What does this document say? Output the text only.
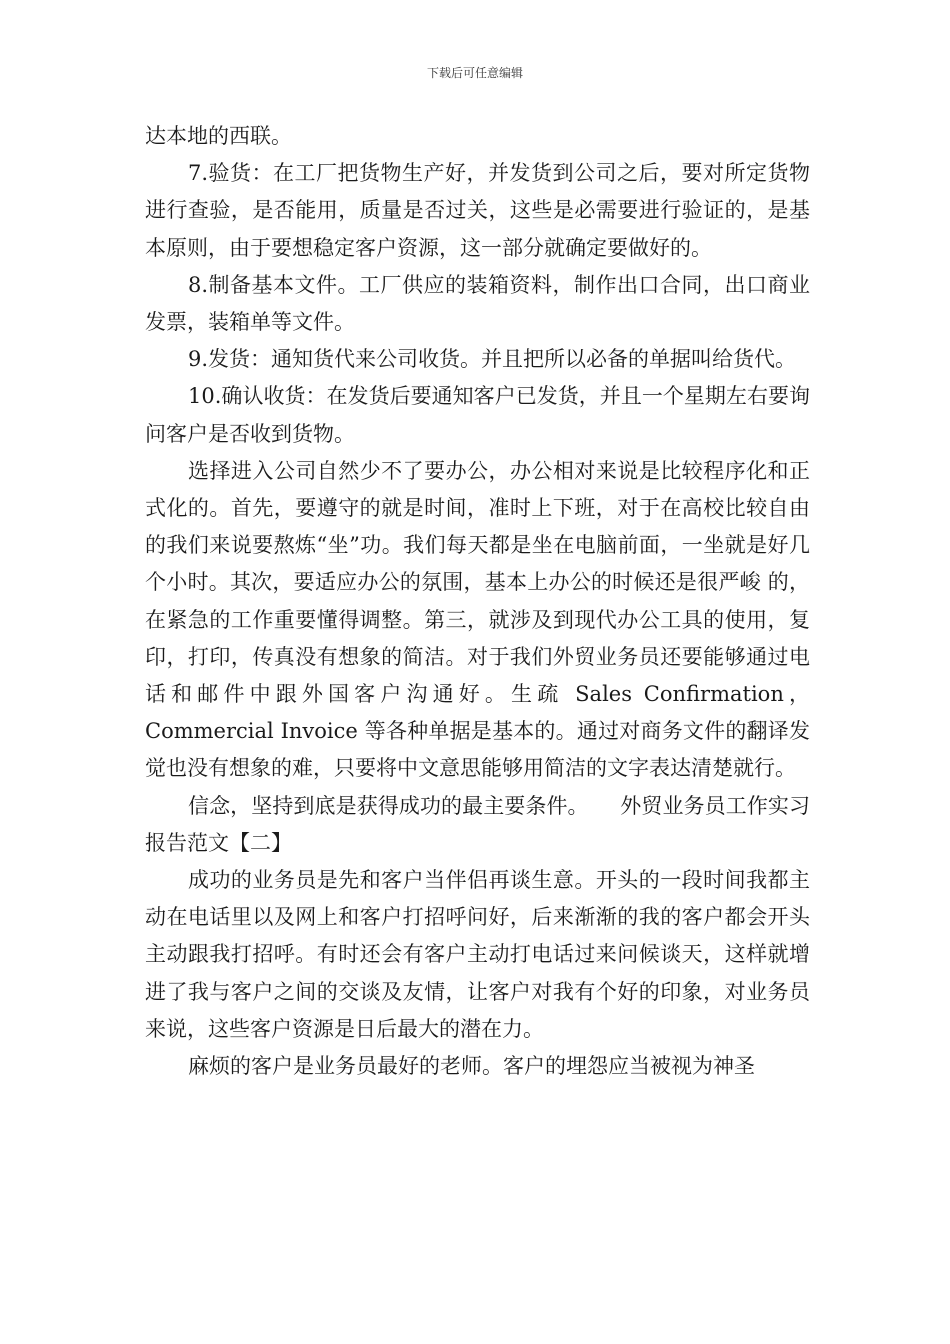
下载后可任意编辑

达本地的西联。

7.验货：在工厂把货物生产好，并发货到公司之后，要对所定货物进行查验，是否能用，质量是否过关，这些是必需要进行验证的，是基本原则，由于要想稳定客户资源，这一部分就确定要做好的。

8.制备基本文件。工厂供应的装箱资料，制作出口合同，出口商业发票，装箱单等文件。

9.发货：通知货代来公司收货。并且把所以必备的单据叫给货代。

10.确认收货：在发货后要通知客户已发货，并且一个星期左右要询问客户是否收到货物。

选择进入公司自然少不了要办公，办公相对来说是比较程序化和正式化的。首先，要遵守的就是时间，准时上下班，对于在高校比较自由的我们来说要熬炼“坐”功。我们每天都是坐在电脑前面，一坐就是好几个小时。其次，要适应办公的氛围，基本上办公的时候还是很严峻 的，在紧急的工作重要懂得调整。第三，就涉及到现代办公工具的使用，复印，打印，传真没有想象的简洁。对于我们外贸业务员还要能够通过电话和邮件中跟外国客户沟通好。生疏 Sales Confirmation，Commercial Invoice 等各种单据是基本的。通过对商务文件的翻译发觉也没有想象的难，只要将中文意思能够用简洁的文字表达清楚就行。

信念，坚持到底是获得成功的最主要条件。　　外贸业务员工作实习报告范文【二】

成功的业务员是先和客户当伴侣再谈生意。开头的一段时间我都主动在电话里以及网上和客户打招呼问好，后来渐渐的我的客户都会开头主动跟我打招呼。有时还会有客户主动打电话过来问候谈天，这样就增进了我与客户之间的交谈及友情，让客户对我有个好的印象，对业务员来说，这些客户资源是日后最大的潜在力。

麻烦的客户是业务员最好的老师。客户的埋怨应当被视为神圣
